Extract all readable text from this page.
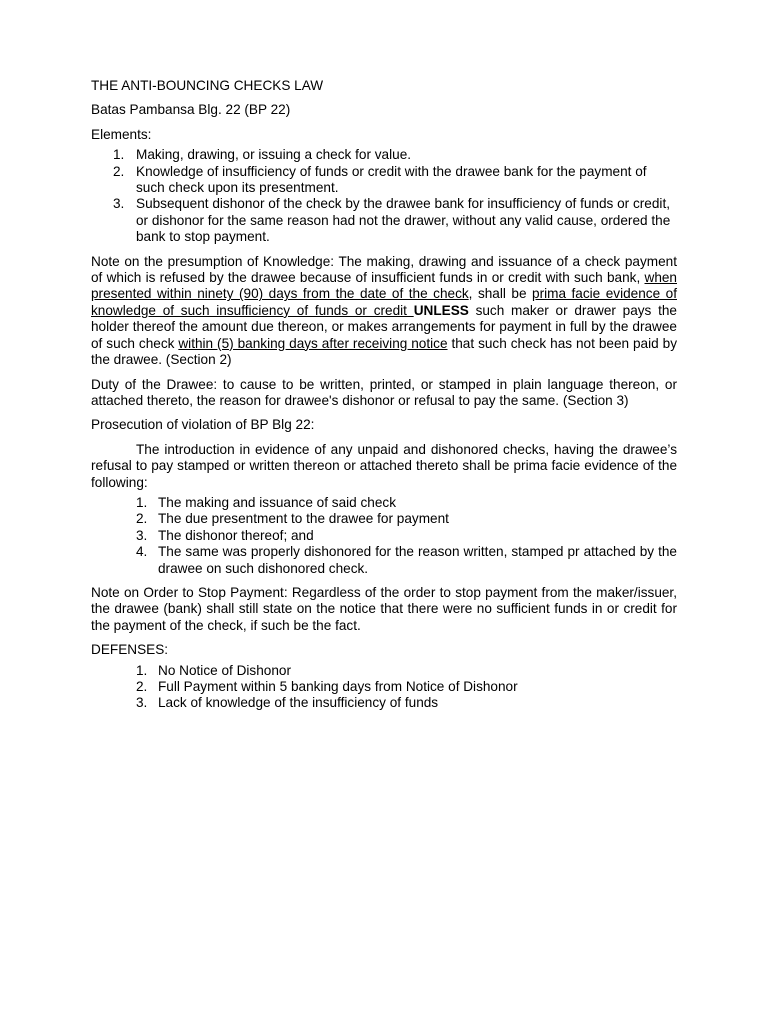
THE ANTI-BOUNCING CHECKS LAW

Batas Pambansa Blg. 22 (BP 22)

Elements:

1. Making, drawing, or issuing a check for value.
2. Knowledge of insufficiency of funds or credit with the drawee bank for the payment of such check upon its presentment.
3. Subsequent dishonor of the check by the drawee bank for insufficiency of funds or credit, or dishonor for the same reason had not the drawer, without any valid cause, ordered the bank to stop payment.

Note on the presumption of Knowledge: The making, drawing and issuance of a check payment of which is refused by the drawee because of insufficient funds in or credit with such bank, when presented within ninety (90) days from the date of the check, shall be prima facie evidence of knowledge of such insufficiency of funds or credit UNLESS such maker or drawer pays the holder thereof the amount due thereon, or makes arrangements for payment in full by the drawee of such check within (5) banking days after receiving notice that such check has not been paid by the drawee. (Section 2)

Duty of the Drawee: to cause to be written, printed, or stamped in plain language thereon, or attached thereto, the reason for drawee's dishonor or refusal to pay the same. (Section 3)

Prosecution of violation of BP Blg 22:

The introduction in evidence of any unpaid and dishonored checks, having the drawee’s refusal to pay stamped or written thereon or attached thereto shall be prima facie evidence of the following:

1. The making and issuance of said check
2. The due presentment to the drawee for payment
3. The dishonor thereof; and
4. The same was properly dishonored for the reason written, stamped pr attached by the drawee on such dishonored check.

Note on Order to Stop Payment: Regardless of the order to stop payment from the maker/issuer, the drawee (bank) shall still state on the notice that there were no sufficient funds in or credit for the payment of the check, if such be the fact.

DEFENSES:

1. No Notice of Dishonor
2. Full Payment within 5 banking days from Notice of Dishonor
3. Lack of knowledge of the insufficiency of funds
